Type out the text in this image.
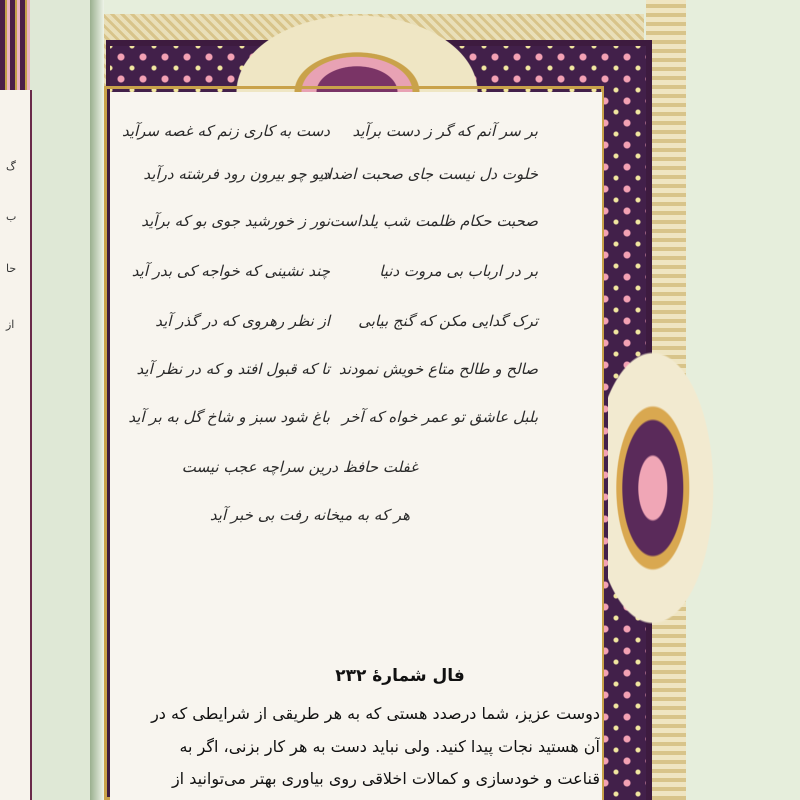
گ
ب
حا
از
بر سر آنم که گر ز دست برآید
دست به کاری زنم که غصه سرآید
خلوت دل نیست جای صحبت اضداد
دیو چو بیرون رود فرشته درآید
صحبت حکام ظلمت شب یلداست
نور ز خورشید جوی بو که برآید
بر در ارباب بی مروت دنیا
چند نشینی که خواجه کی بدر آید
ترک گدایی مکن که گنج بیابی
از نظر رهروی که در گذر آید
صالح و طالح متاع خویش نمودند
تا که قبول افتد و که در نظر آید
بلبل عاشق تو عمر خواه که آخر
باغ شود سبز و شاخ گل به بر آید
غفلت حافظ درین سراچه عجب نیست
هر که به میخانه رفت بی خبر آید
فال شمارهٔ ۲۳۲
دوست عزیز، شما درصدد هستی که به هر طریقی از شرایطی که در
آن هستید نجات پیدا کنید. ولی نباید دست به هر کار بزنی، اگر به
قناعت و خودسازی و کمالات اخلاقی روی بیاوری بهتر می‌توانید از
